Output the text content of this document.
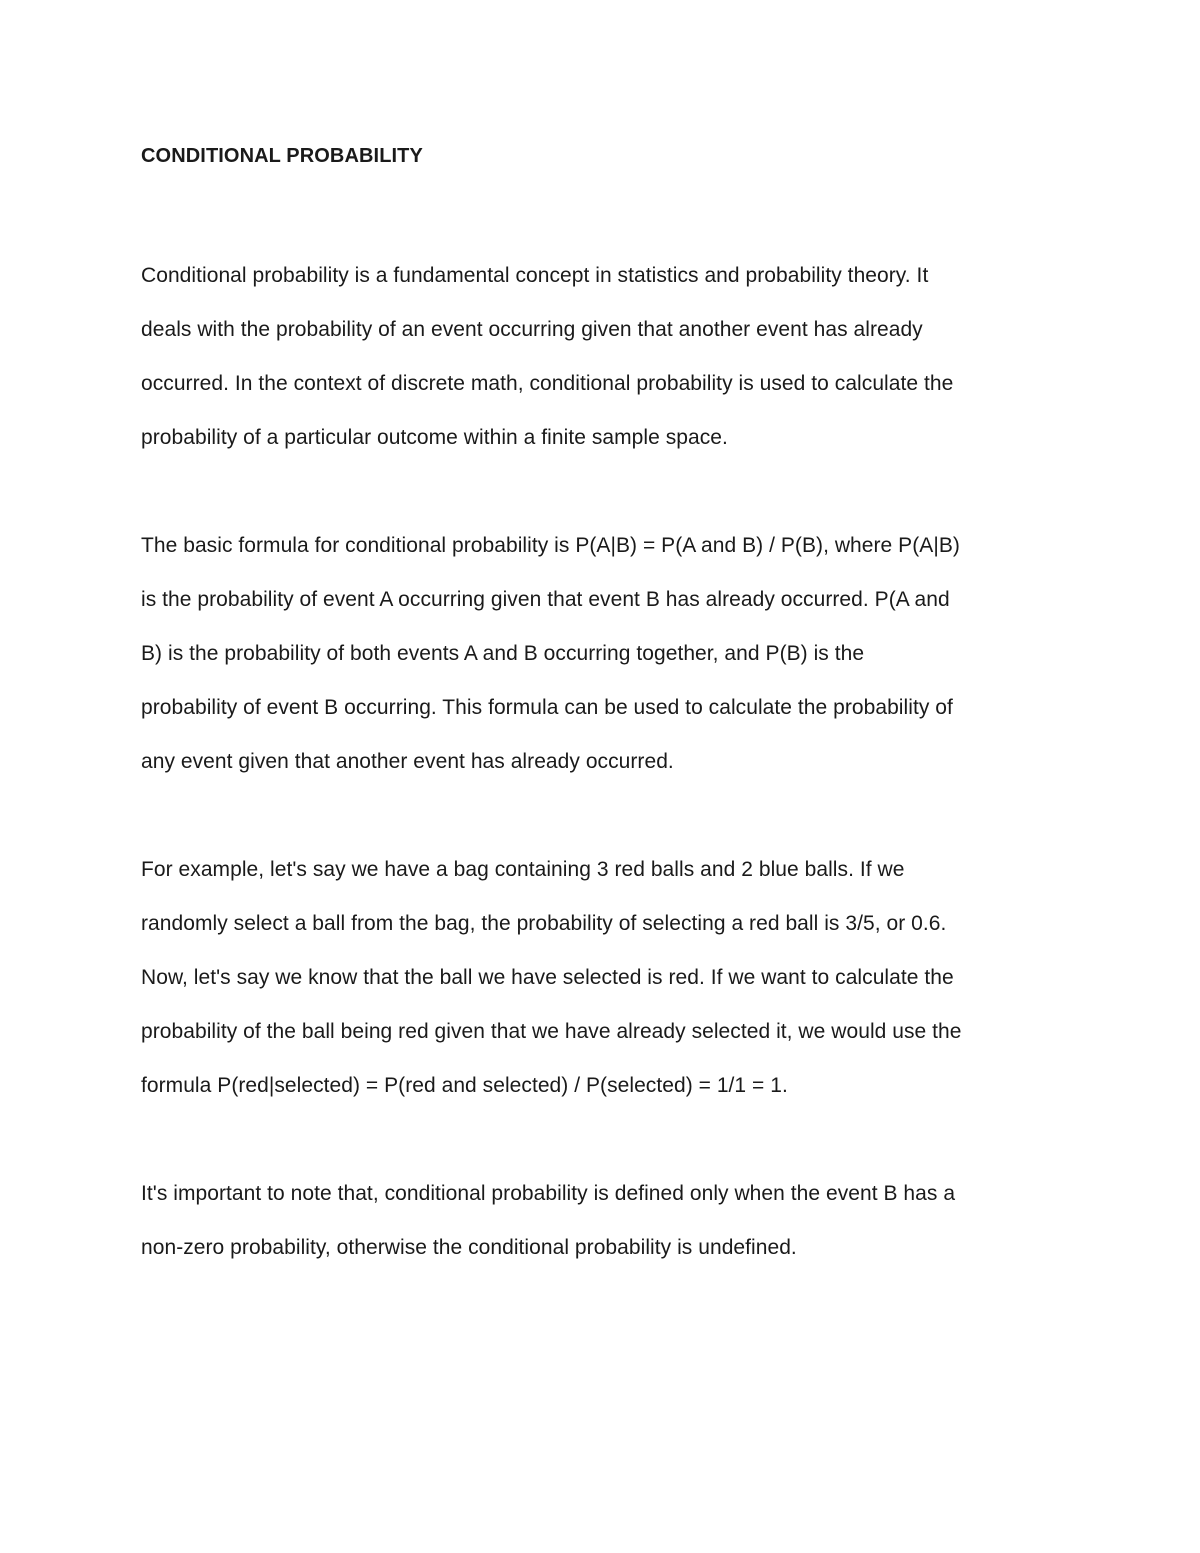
CONDITIONAL PROBABILITY

Conditional probability is a fundamental concept in statistics and probability theory. It
deals with the probability of an event occurring given that another event has already
occurred. In the context of discrete math, conditional probability is used to calculate the
probability of a particular outcome within a finite sample space.

The basic formula for conditional probability is P(A|B) = P(A and B) / P(B), where P(A|B)
is the probability of event A occurring given that event B has already occurred. P(A and
B) is the probability of both events A and B occurring together, and P(B) is the
probability of event B occurring. This formula can be used to calculate the probability of
any event given that another event has already occurred.

For example, let's say we have a bag containing 3 red balls and 2 blue balls. If we
randomly select a ball from the bag, the probability of selecting a red ball is 3/5, or 0.6.
Now, let's say we know that the ball we have selected is red. If we want to calculate the
probability of the ball being red given that we have already selected it, we would use the
formula P(red|selected) = P(red and selected) / P(selected) = 1/1 = 1.

It's important to note that, conditional probability is defined only when the event B has a
non-zero probability, otherwise the conditional probability is undefined.
